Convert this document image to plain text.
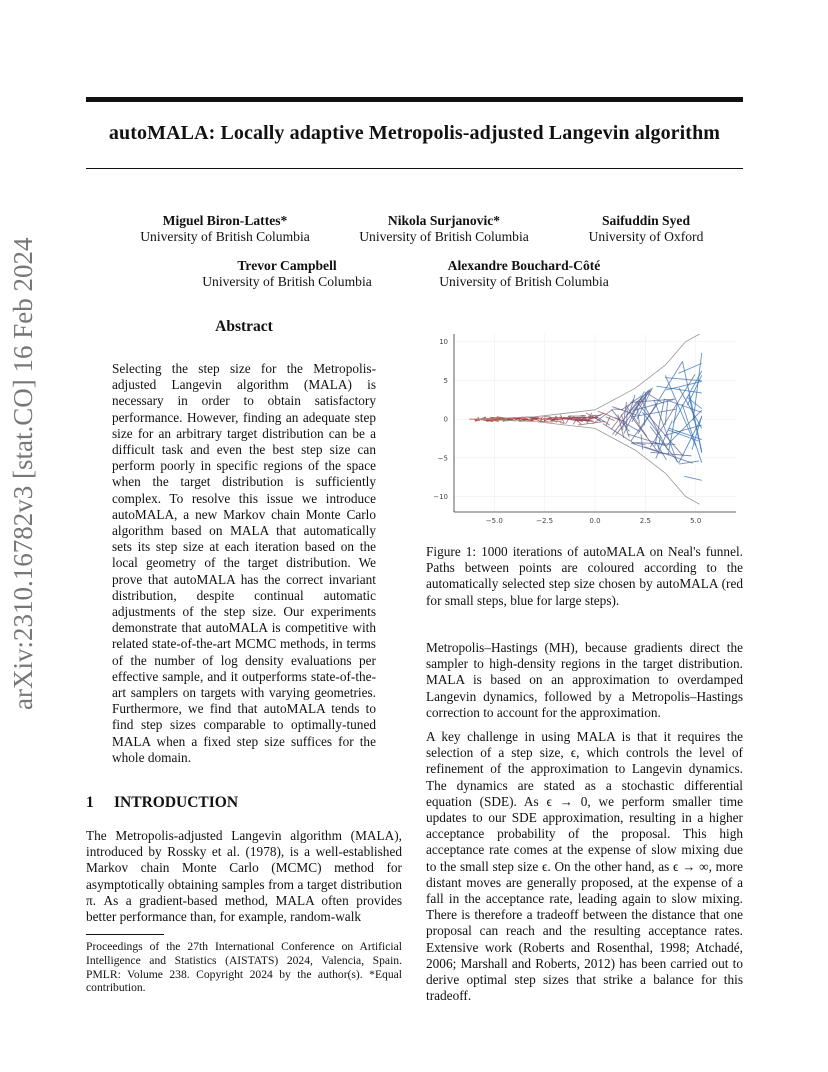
autoMALA: Locally adaptive Metropolis-adjusted Langevin algorithm
Miguel Biron-Lattes*
University of British Columbia
Nikola Surjanovic*
University of British Columbia
Saifuddin Syed
University of Oxford
Trevor Campbell
University of British Columbia
Alexandre Bouchard-Côté
University of British Columbia
arXiv:2310.16782v3 [stat.CO] 16 Feb 2024	Abstract
Selecting the step size for the Metropolis-adjusted Langevin algorithm (MALA) is necessary in order to obtain satisfactory performance. However, finding an adequate step size for an arbitrary target distribution can be a difficult task and even the best step size can perform poorly in specific regions of the space when the target distribution is sufficiently complex. To resolve this issue we introduce autoMALA, a new Markov chain Monte Carlo algorithm based on MALA that automatically sets its step size at each iteration based on the local geometry of the target distribution. We prove that autoMALA has the correct invariant distribution, despite continual automatic adjustments of the step size. Our experiments demonstrate that autoMALA is competitive with related state-of-the-art MCMC methods, in terms of the number of log density evaluations per effective sample, and it outperforms state-of-the-art samplers on targets with varying geometries. Furthermore, we find that autoMALA tends to find step sizes comparable to optimally-tuned MALA when a fixed step size suffices for the whole domain.
1 INTRODUCTION
The Metropolis-adjusted Langevin algorithm (MALA), introduced by Rossky et al. (1978), is a well-established Markov chain Monte Carlo (MCMC) method for asymptotically obtaining samples from a target distribution π. As a gradient-based method, MALA often provides better performance than, for example, random-walk
Proceedings of the 27th International Conference on Artificial Intelligence and Statistics (AISTATS) 2024, Valencia, Spain. PMLR: Volume 238. Copyright 2024 by the author(s). *Equal contribution.
−5.0	−2.5	0.0	2.5	5.0
10
5
0
−5
−10
Figure 1: 1000 iterations of autoMALA on Neal's funnel. Paths between points are coloured according to the automatically selected step size chosen by autoMALA (red for small steps, blue for large steps).

Metropolis–Hastings (MH), because gradients direct the sampler to high-density regions in the target distribution. MALA is based on an approximation to overdamped Langevin dynamics, followed by a Metropolis–Hastings correction to account for the approximation.

A key challenge in using MALA is that it requires the selection of a step size, ϵ, which controls the level of refinement of the approximation to Langevin dynamics. The dynamics are stated as a stochastic differential equation (SDE). As ϵ → 0, we perform smaller time updates to our SDE approximation, resulting in a higher acceptance probability of the proposal. This high acceptance rate comes at the expense of slow mixing due to the small step size ϵ. On the other hand, as ϵ → ∞, more distant moves are generally proposed, at the expense of a fall in the acceptance rate, leading again to slow mixing. There is therefore a tradeoff between the distance that one proposal can reach and the resulting acceptance rates. Extensive work (Roberts and Rosenthal, 1998; Atchadé, 2006; Marshall and Roberts, 2012) has been carried out to derive optimal step sizes that strike a balance for this tradeoff.
